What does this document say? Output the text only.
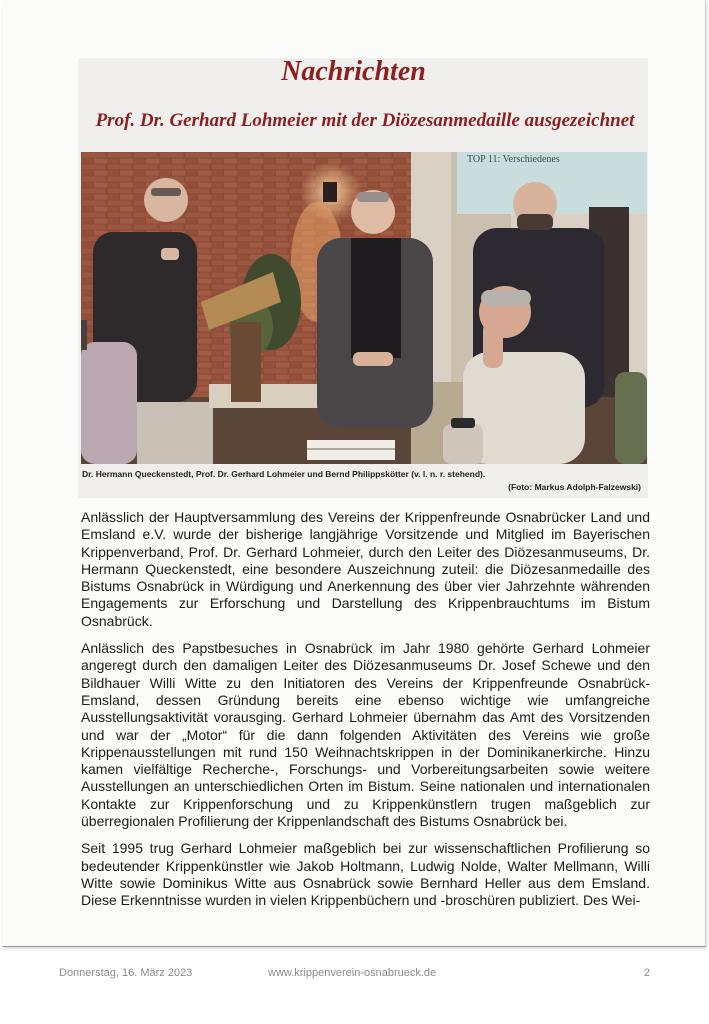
Nachrichten
Prof. Dr. Gerhard Lohmeier mit der Diözesanmedaille ausgezeichnet
TOP 11: Verschiedenes
Dr. Hermann Queckenstedt, Prof. Dr. Gerhard Lohmeier und Bernd Philippskötter (v. l. n. r. stehend).
(Foto: Markus Adolph-Falzewski)

Anlässlich der Hauptversammlung des Vereins der Krippenfreunde Osnabrücker Land und Emsland e.V. wurde der bisherige langjährige Vorsitzende und Mitglied im Bayerischen Krippenverband, Prof. Dr. Gerhard Lohmeier, durch den Leiter des Diözesanmuseums, Dr. Hermann Queckenstedt, eine besondere Auszeichnung zuteil: die Diözesanmedaille des Bistums Osnabrück in Würdigung und Anerkennung des über vier Jahrzehnte währenden Engagements zur Erforschung und Darstellung des Krippenbrauchtums im Bistum Osnabrück.

Anlässlich des Papstbesuches in Osnabrück im Jahr 1980 gehörte Gerhard Lohmeier angeregt durch den damaligen Leiter des Diözesanmuseums Dr. Josef Schewe und den Bildhauer Willi Witte zu den Initiatoren des Vereins der Krippenfreunde Osnabrück-Emsland, dessen Gründung bereits eine ebenso wichtige wie umfangreiche Ausstellungsaktivität vorausging. Gerhard Lohmeier übernahm das Amt des Vorsitzenden und war der „Motor“ für die dann folgenden Aktivitäten des Vereins wie große Krippenausstellungen mit rund 150 Weihnachtskrippen in der Dominikanerkirche. Hinzu kamen vielfältige Recherche-, Forschungs- und Vorbereitungsarbeiten sowie weitere Ausstellungen an unterschiedlichen Orten im Bistum. Seine nationalen und internationalen Kontakte zur Krippenforschung und zu Krippenkünstlern trugen maßgeblich zur überregionalen Profilierung der Krippenlandschaft des Bistums Osnabrück bei.

Seit 1995 trug Gerhard Lohmeier maßgeblich bei zur wissenschaftlichen Profilierung so bedeutender Krippenkünstler wie Jakob Holtmann, Ludwig Nolde, Walter Mellmann, Willi Witte sowie Dominikus Witte aus Osnabrück sowie Bernhard Heller aus dem Emsland. Diese Erkenntnisse wurden in vielen Krippenbüchern und -broschüren publiziert. Des Wei-

Donnerstag, 16. März 2023	www.krippenverein-osnabrueck.de	2
